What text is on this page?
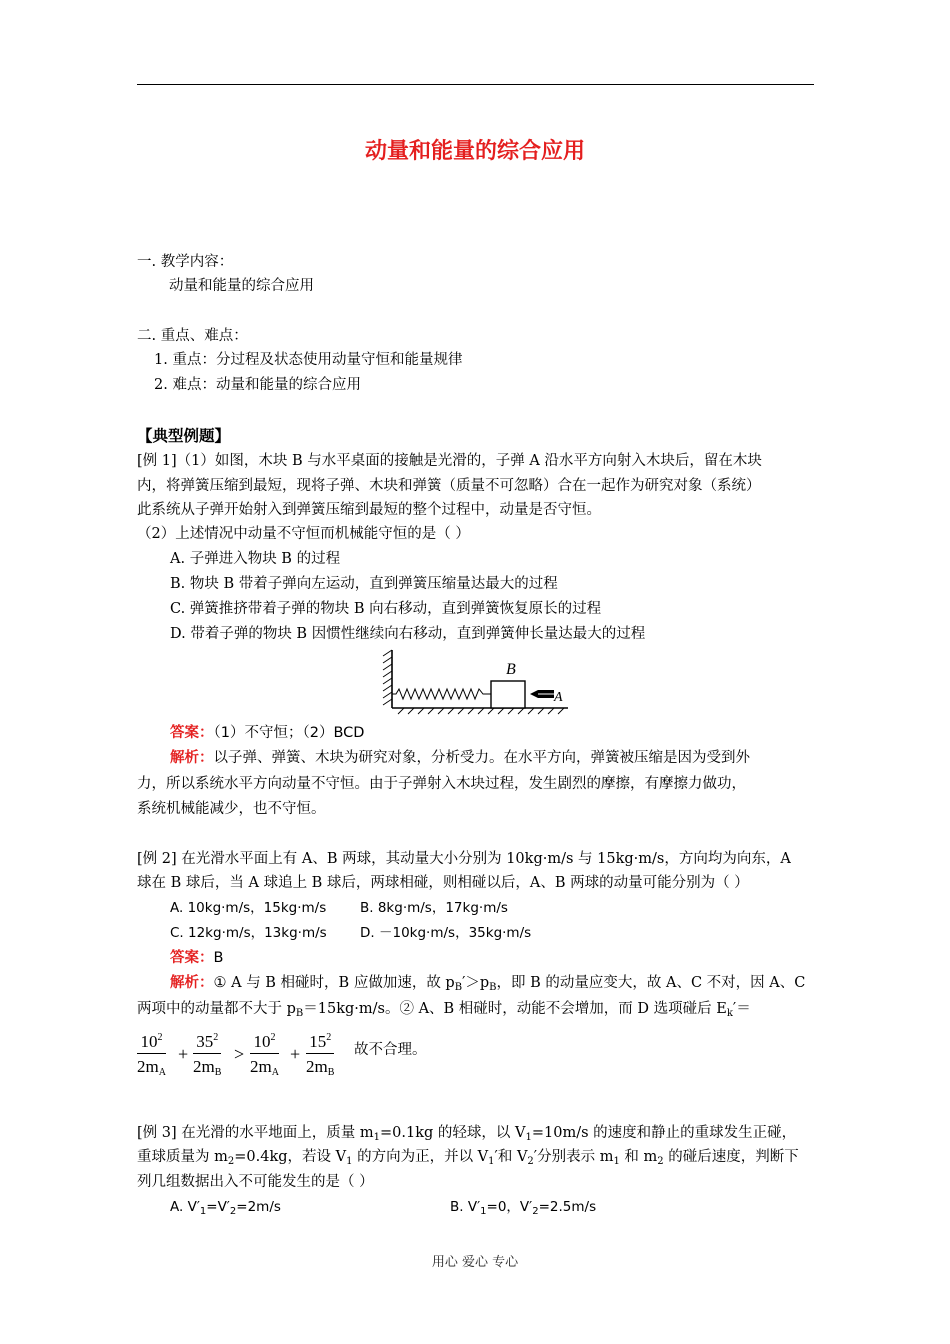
动量和能量的综合应用
一. 教学内容：
动量和能量的综合应用
二. 重点、难点：
1. 重点：分过程及状态使用动量守恒和能量规律
2. 难点：动量和能量的综合应用
【典型例题】
[例 1]（1）如图，木块 B 与水平桌面的接触是光滑的，子弹 A 沿水平方向射入木块后，留在木块
内，将弹簧压缩到最短，现将子弹、木块和弹簧（质量不可忽略）合在一起作为研究对象（系统）
此系统从子弹开始射入到弹簧压缩到最短的整个过程中，动量是否守恒。
（2）上述情况中动量不守恒而机械能守恒的是（ ）
A. 子弹进入物块 B 的过程
B. 物块 B 带着子弹向左运动，直到弹簧压缩量达最大的过程
C. 弹簧推挤带着子弹的物块 B 向右移动，直到弹簧恢复原长的过程
D. 带着子弹的物块 B 因惯性继续向右移动，直到弹簧伸长量达最大的过程
B
A
答案：（1）不守恒；（2）BCD
解析：以子弹、弹簧、木块为研究对象，分析受力。在水平方向，弹簧被压缩是因为受到外
力，所以系统水平方向动量不守恒。由于子弹射入木块过程，发生剧烈的摩擦，有摩擦力做功，
系统机械能减少，也不守恒。
[例 2] 在光滑水平面上有 A、B 两球，其动量大小分别为 10kg·m/s 与 15kg·m/s，方向均为向东，A
球在 B 球后，当 A 球追上 B 球后，两球相碰，则相碰以后，A、B 两球的动量可能分别为（ ）
A. 10kg·m/s，15kg·m/s B. 8kg·m/s，17kg·m/s
C. 12kg·m/s，13kg·m/s D. －10kg·m/s，35kg·m/s
答案：B
解析：① A 与 B 相碰时，B 应做加速，故 $p_B'>p_B$，即 B 的动量应变大，故 A、C 不对，因 A、C
两项中的动量都不大于 $p_B=15kg\cdot m/s$。② A、B 相碰时，动能不会增加，而 D 选项碰后 $E_k'=$
$\frac{10^2}{2m_A} + \frac{35^2}{2m_B} > \frac{10^2}{2m_A} + \frac{15^2}{2m_B}$ 故不合理。
[例 3] 在光滑的水平地面上，质量 $m_1=0.1kg$ 的轻球，以 $V_1=10m/s$ 的速度和静止的重球发生正碰，
重球质量为 $m_2=0.4kg$，若设 $V_1$ 的方向为正，并以 $V_1'$和 $V_2'$分别表示 $m_1$ 和 $m_2$ 的碰后速度，判断下
列几组数据出入不可能发生的是（ ）
A. $V'_1=V'_2=2m/s$	B. $V'_1=0$，$V'_2=2.5m/s$
用心 爱心 专心
